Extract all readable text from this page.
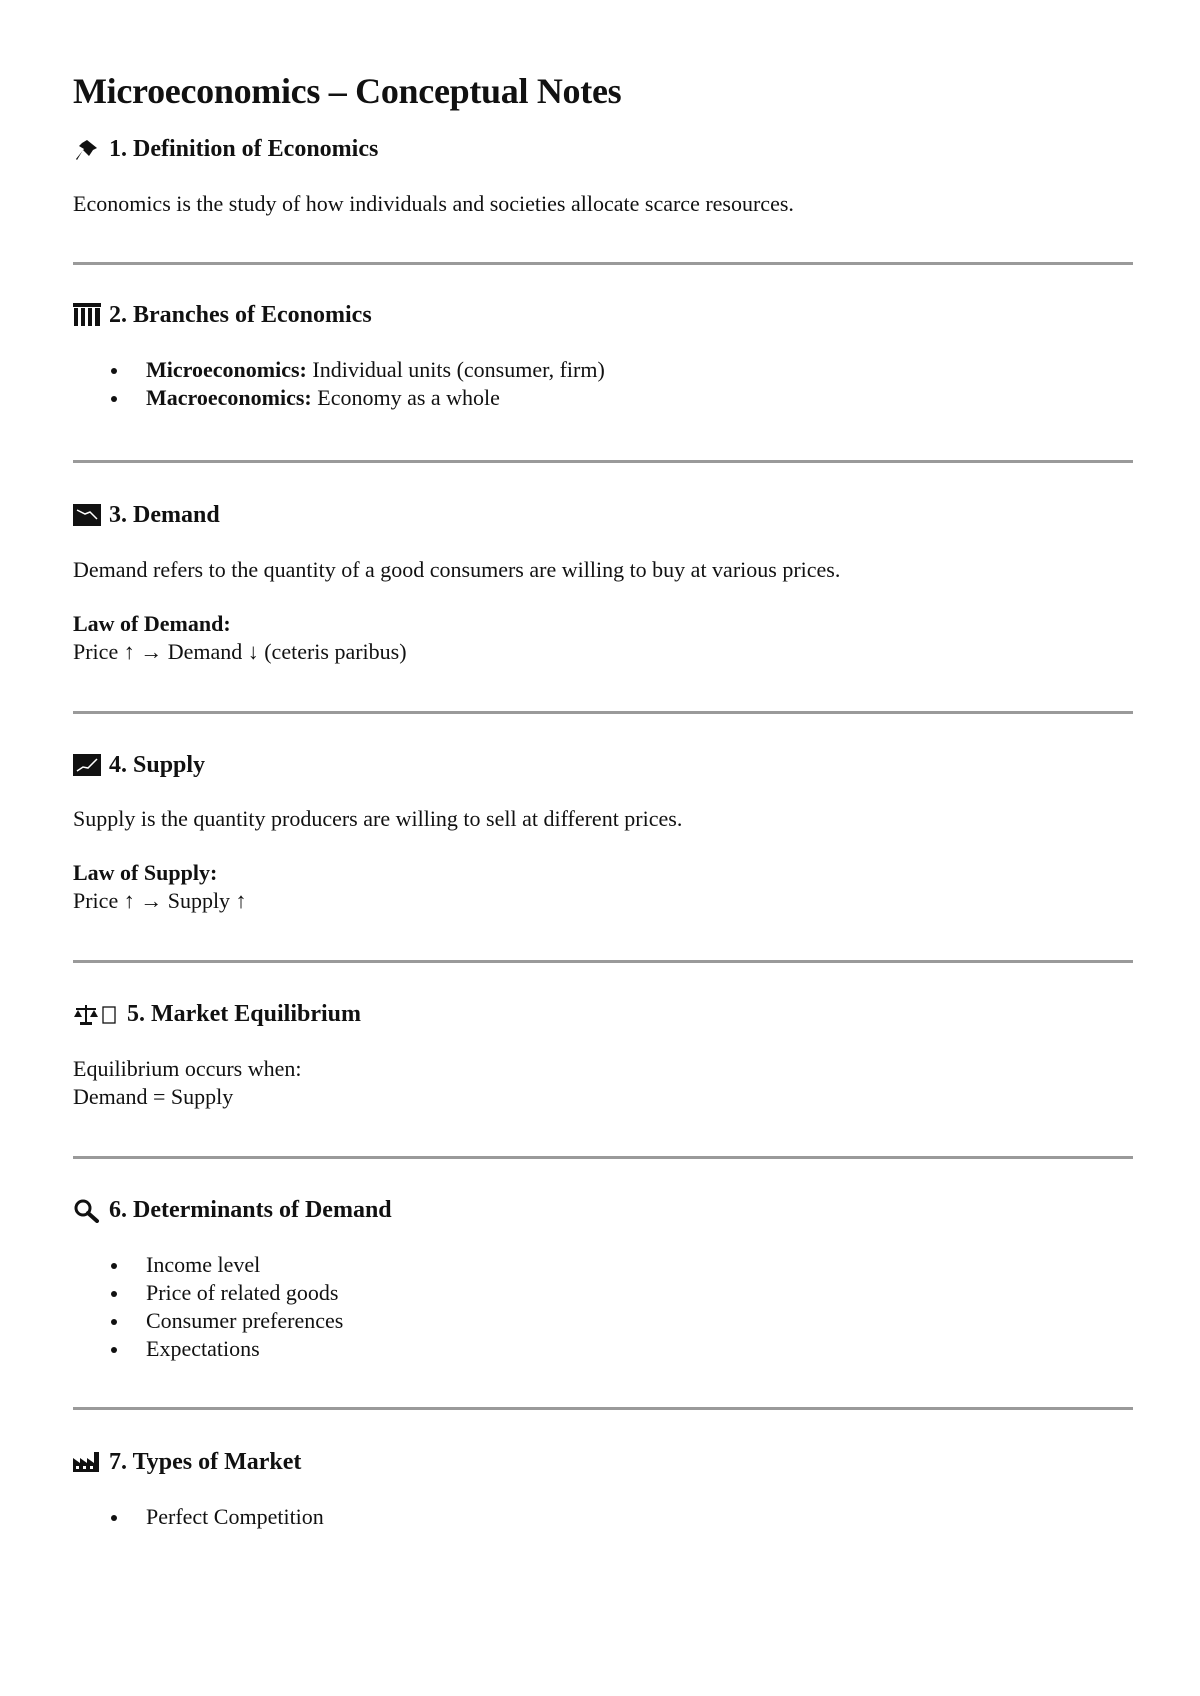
Microeconomics – Conceptual Notes
1. Definition of Economics

Economics is the study of how individuals and societies allocate scarce resources.

2. Branches of Economics
Microeconomics: Individual units (consumer, firm)
Macroeconomics: Economy as a whole
3. Demand

Demand refers to the quantity of a good consumers are willing to buy at various prices.

Law of Demand:

Price ↑ → Demand ↓ (ceteris paribus)

4. Supply

Supply is the quantity producers are willing to sell at different prices.

Law of Supply:

Price ↑ → Supply ↑

5. Market Equilibrium

Equilibrium occurs when:

Demand = Supply

6. Determinants of Demand
Income level
Price of related goods
Consumer preferences
Expectations
7. Types of Market
Perfect Competition
